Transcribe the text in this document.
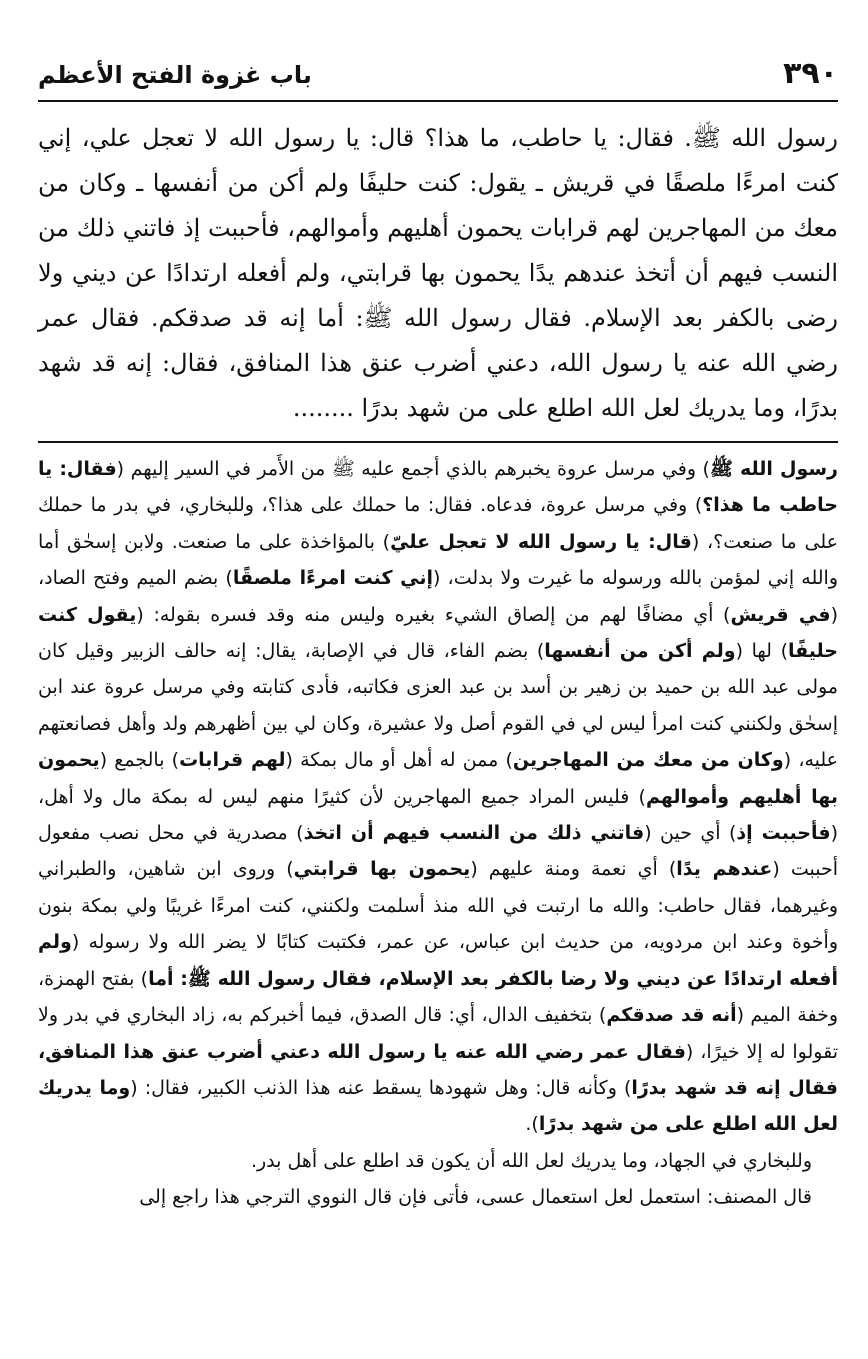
٣٩٠
باب غزوة الفتح الأعظم

رسول الله ﷺ. فقال: يا حاطب، ما هذا؟ قال: يا رسول الله لا تعجل علي، إني كنت امرءًا ملصقًا في قريش ـ يقول: كنت حليفًا ولم أكن من أنفسها ـ وكان من معك من المهاجرين لهم قرابات يحمون أهليهم وأموالهم، فأحببت إذ فاتني ذلك من النسب فيهم أن أتخذ عندهم يدًا يحمون بها قرابتي، ولم أفعله ارتدادًا عن ديني ولا رضى بالكفر بعد الإسلام. فقال رسول الله ﷺ: أما إنه قد صدقكم. فقال عمر رضي الله عنه يا رسول الله، دعني أضرب عنق هذا المنافق، فقال: إنه قد شهد بدرًا، وما يدريك لعل الله اطلع على من شهد بدرًا ........

رسول الله ﷺ) وفي مرسل عروة يخبرهم بالذي أجمع عليه ﷺ من الأَمر في السير إليهم (فقال: يا حاطب ما هذا؟) وفي مرسل عروة، فدعاه. فقال: ما حملك على هذا؟، وللبخاري، في بدر ما حملك على ما صنعت؟، (قال: يا رسول الله لا تعجل عليّ) بالمؤاخذة على ما صنعت. ولابن إسحٰق أما والله إني لمؤمن بالله ورسوله ما غيرت ولا بدلت، (إني كنت امرءًا ملصقًا) بضم الميم وفتح الصاد، (في قريش) أي مضافًا لهم من إلصاق الشيء بغيره وليس منه وقد فسره بقوله: (يقول كنت حليفًا) لها (ولم أكن من أنفسها) بضم الفاء، قال في الإصابة، يقال: إنه حالف الزبير وقيل كان مولى عبد الله بن حميد بن زهير بن أسد بن عبد العزى فكاتبه، فأدى كتابته وفي مرسل عروة عند ابن إسحٰق ولكنني كنت امرأ ليس لي في القوم أصل ولا عشيرة، وكان لي بين أظهرهم ولد وأهل فصانعتهم عليه، (وكان من معك من المهاجرين) ممن له أهل أو مال بمكة (لهم قرابات) بالجمع (يحمون بها أهليهم وأموالهم) فليس المراد جميع المهاجرين لأن كثيرًا منهم ليس له بمكة مال ولا أهل، (فأحببت إذ) أي حين (فاتني ذلك من النسب فيهم أن اتخذ) مصدرية في محل نصب مفعول أحببت (عندهم يدًا) أي نعمة ومنة عليهم (يحمون بها قرابتي) وروى ابن شاهين، والطبراني وغيرهما، فقال حاطب: والله ما ارتبت في الله منذ أسلمت ولكنني، كنت امرءًا غريبًا ولي بمكة بنون وأخوة وعند ابن مردويه، من حديث ابن عباس، عن عمر، فكتبت كتابًا لا يضر الله ولا رسوله (ولم أفعله ارتدادًا عن ديني ولا رضا بالكفر بعد الإسلام، فقال رسول الله ﷺ: أما) بفتح الهمزة، وخفة الميم (أنه قد صدقكم) بتخفيف الدال، أي: قال الصدق، فيما أخبركم به، زاد البخاري في بدر ولا تقولوا له إلا خيرًا، (فقال عمر رضي الله عنه يا رسول الله دعني أضرب عنق هذا المنافق، فقال إنه قد شهد بدرًا) وكأنه قال: وهل شهودها يسقط عنه هذا الذنب الكبير، فقال: (وما يدريك لعل الله اطلع على من شهد بدرًا).

وللبخاري في الجهاد، وما يدريك لعل الله أن يكون قد اطلع على أهل بدر.

قال المصنف: استعمل لعل استعمال عسى، فأتى فإن قال النووي الترجي هذا راجع إلى
